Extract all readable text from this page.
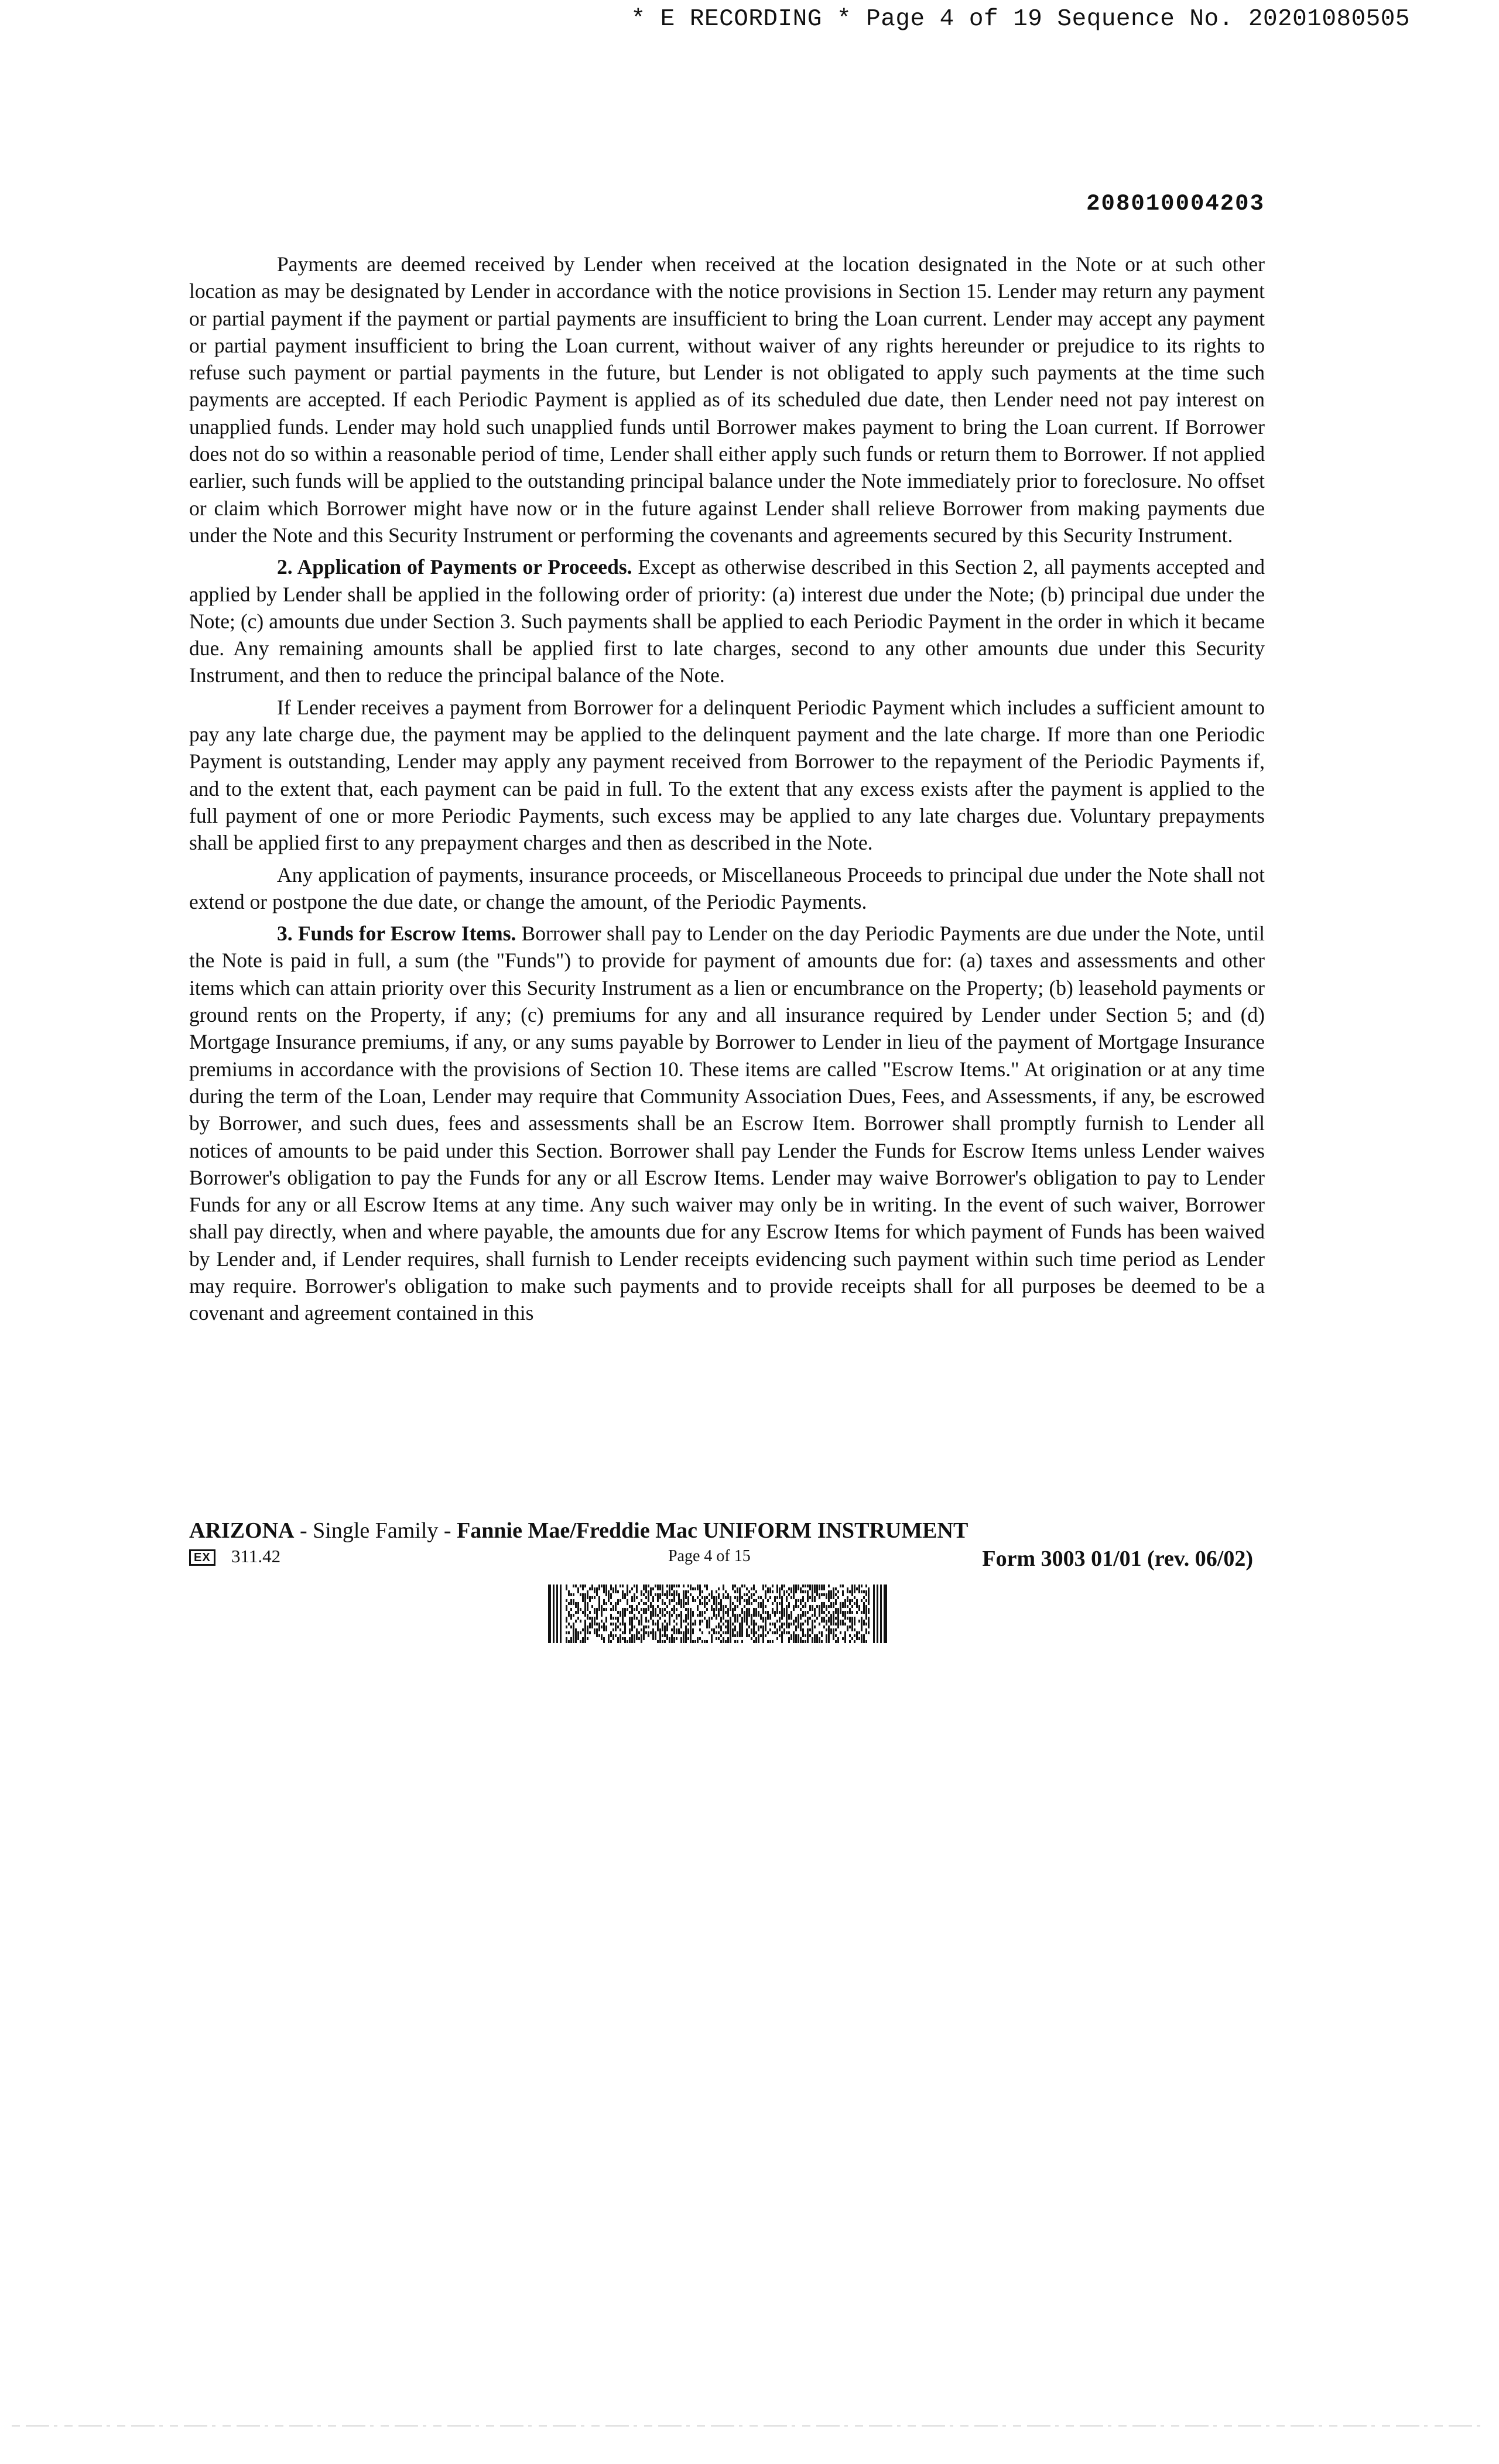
* E RECORDING * Page 4 of 19 Sequence No. 20201080505
208010004203

Payments are deemed received by Lender when received at the location designated in the Note or at such other location as may be designated by Lender in accordance with the notice provisions in Section 15. Lender may return any payment or partial payment if the payment or partial payments are insufficient to bring the Loan current. Lender may accept any payment or partial payment insufficient to bring the Loan current, without waiver of any rights hereunder or prejudice to its rights to refuse such payment or partial payments in the future, but Lender is not obligated to apply such payments at the time such payments are accepted. If each Periodic Payment is applied as of its scheduled due date, then Lender need not pay interest on unapplied funds. Lender may hold such unapplied funds until Borrower makes payment to bring the Loan current. If Borrower does not do so within a reasonable period of time, Lender shall either apply such funds or return them to Borrower. If not applied earlier, such funds will be applied to the outstanding principal balance under the Note immediately prior to foreclosure. No offset or claim which Borrower might have now or in the future against Lender shall relieve Borrower from making payments due under the Note and this Security Instrument or performing the covenants and agreements secured by this Security Instrument.

2. Application of Payments or Proceeds. Except as otherwise described in this Section 2, all payments accepted and applied by Lender shall be applied in the following order of priority: (a) interest due under the Note; (b) principal due under the Note; (c) amounts due under Section 3. Such payments shall be applied to each Periodic Payment in the order in which it became due. Any remaining amounts shall be applied first to late charges, second to any other amounts due under this Security Instrument, and then to reduce the principal balance of the Note.

If Lender receives a payment from Borrower for a delinquent Periodic Payment which includes a sufficient amount to pay any late charge due, the payment may be applied to the delinquent payment and the late charge. If more than one Periodic Payment is outstanding, Lender may apply any payment received from Borrower to the repayment of the Periodic Payments if, and to the extent that, each payment can be paid in full. To the extent that any excess exists after the payment is applied to the full payment of one or more Periodic Payments, such excess may be applied to any late charges due. Voluntary prepayments shall be applied first to any prepayment charges and then as described in the Note.

Any application of payments, insurance proceeds, or Miscellaneous Proceeds to principal due under the Note shall not extend or postpone the due date, or change the amount, of the Periodic Payments.

3. Funds for Escrow Items. Borrower shall pay to Lender on the day Periodic Payments are due under the Note, until the Note is paid in full, a sum (the "Funds") to provide for payment of amounts due for: (a) taxes and assessments and other items which can attain priority over this Security Instrument as a lien or encumbrance on the Property; (b) leasehold payments or ground rents on the Property, if any; (c) premiums for any and all insurance required by Lender under Section 5; and (d) Mortgage Insurance premiums, if any, or any sums payable by Borrower to Lender in lieu of the payment of Mortgage Insurance premiums in accordance with the provisions of Section 10. These items are called "Escrow Items." At origination or at any time during the term of the Loan, Lender may require that Community Association Dues, Fees, and Assessments, if any, be escrowed by Borrower, and such dues, fees and assessments shall be an Escrow Item. Borrower shall promptly furnish to Lender all notices of amounts to be paid under this Section. Borrower shall pay Lender the Funds for Escrow Items unless Lender waives Borrower's obligation to pay the Funds for any or all Escrow Items. Lender may waive Borrower's obligation to pay to Lender Funds for any or all Escrow Items at any time. Any such waiver may only be in writing. In the event of such waiver, Borrower shall pay directly, when and where payable, the amounts due for any Escrow Items for which payment of Funds has been waived by Lender and, if Lender requires, shall furnish to Lender receipts evidencing such payment within such time period as Lender may require. Borrower's obligation to make such payments and to provide receipts shall for all purposes be deemed to be a covenant and agreement contained in this

ARIZONA - Single Family - Fannie Mae/Freddie Mac UNIFORM INSTRUMENT
EX 311.42	Page 4 of 15	Form 3003 01/01 (rev. 06/02)
